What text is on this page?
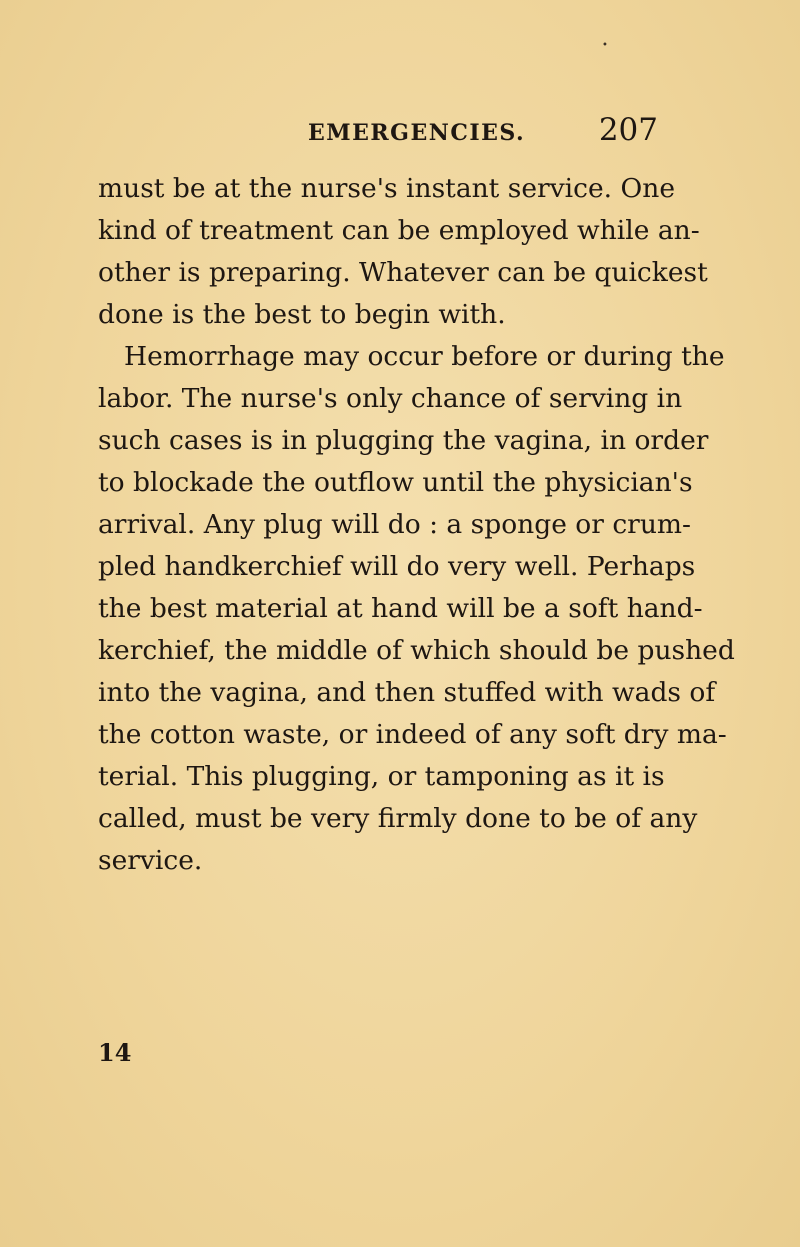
•
EMERGENCIES. 207
must be at the nurse's instant service. One
kind of treatment can be employed while an-
other is preparing. Whatever can be quickest
done is the best to begin with.
Hemorrhage may occur before or during the
labor. The nurse's only chance of serving in
such cases is in plugging the vagina, in order
to blockade the outflow until the physician's
arrival. Any plug will do : a sponge or crum-
pled handkerchief will do very well. Perhaps
the best material at hand will be a soft hand-
kerchief, the middle of which should be pushed
into the vagina, and then stuffed with wads of
the cotton waste, or indeed of any soft dry ma-
terial. This plugging, or tamponing as it is
called, must be very firmly done to be of any
service.
14
